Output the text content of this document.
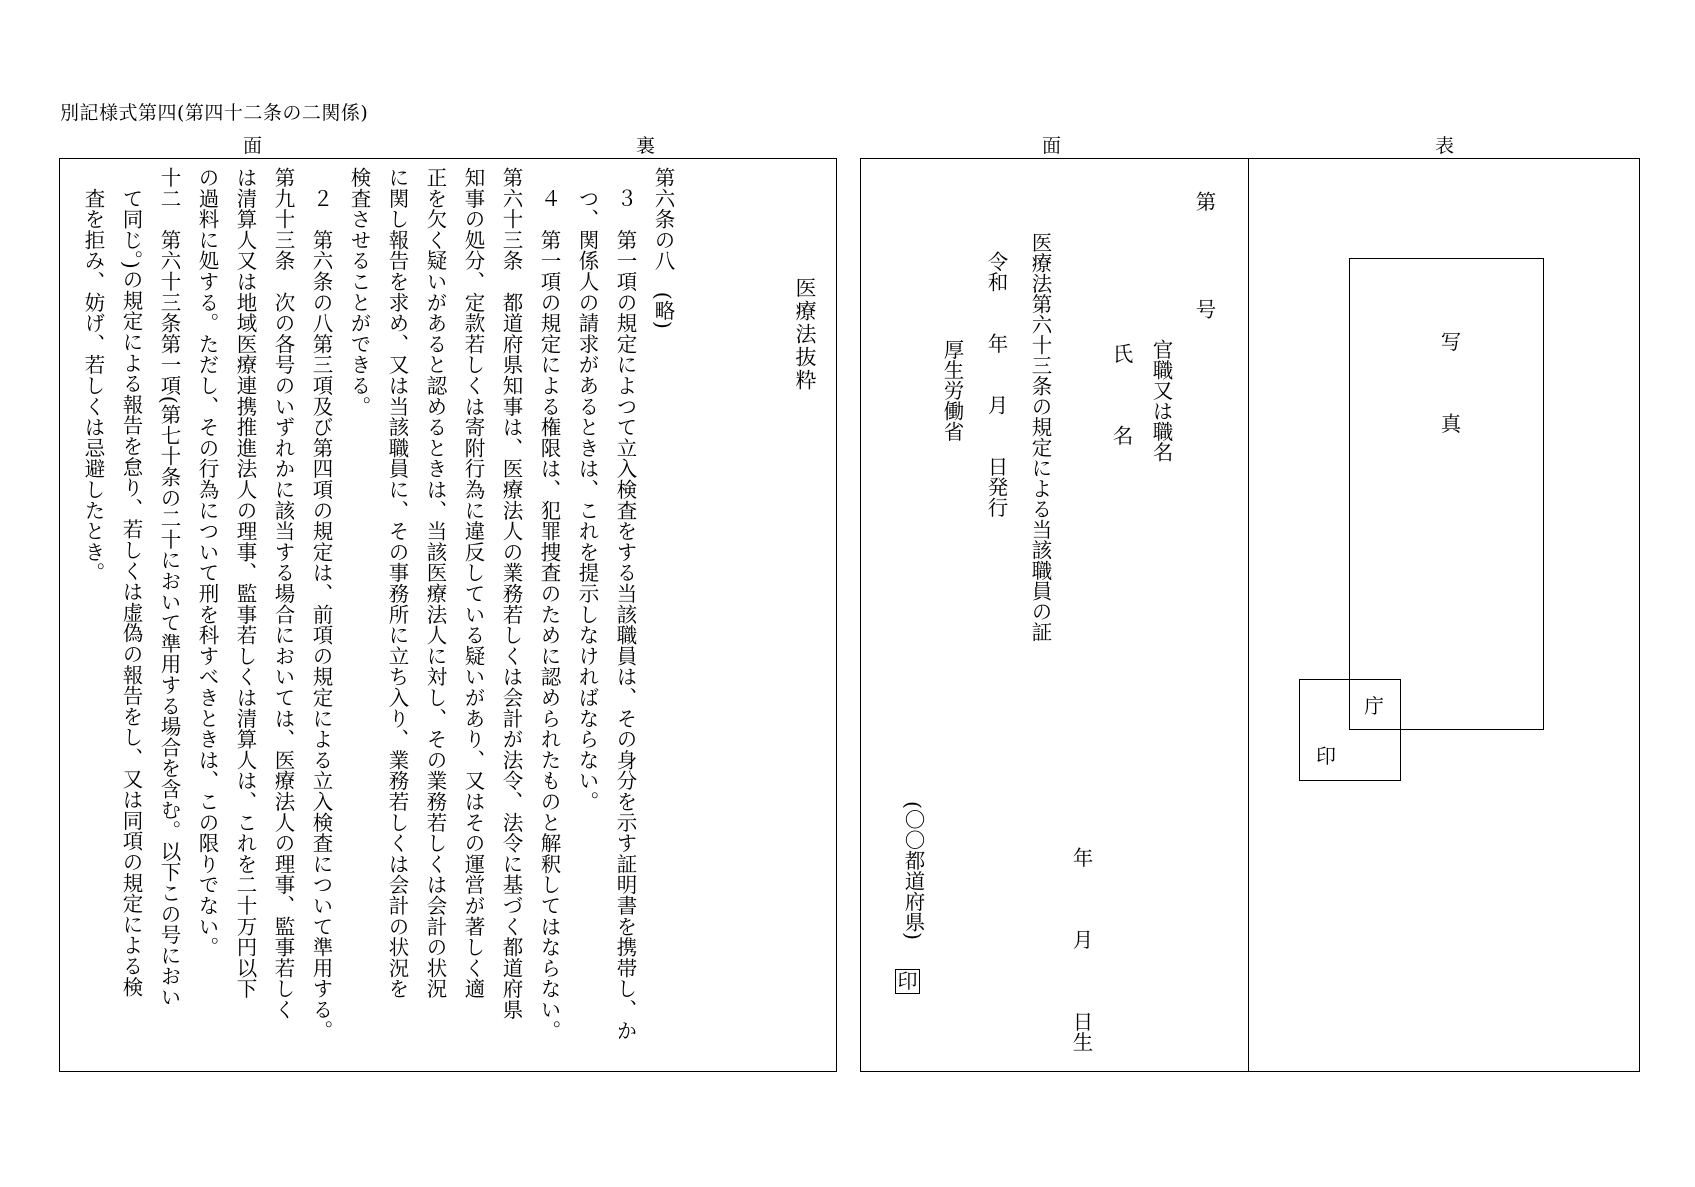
別記様式第四(第四十二条の二関係)
面	裏	面	表
医療法抜粋
第六条の八　(略)
　３　第一項の規定によつて立入検査をする当該職員は、その身分を示す証明書を携帯し、か
　つ、関係人の請求があるときは、これを提示しなければならない。
　４　第一項の規定による権限は、犯罪捜査のために認められたものと解釈してはならない。
第六十三条　都道府県知事は、医療法人の業務若しくは会計が法令、法令に基づく都道府県
知事の処分、定款若しくは寄附行為に違反している疑いがあり、又はその運営が著しく適
正を欠く疑いがあると認めるときは、当該医療法人に対し、その業務若しくは会計の状況
に関し報告を求め、又は当該職員に、その事務所に立ち入り、業務若しくは会計の状況を
検査させることができる。
　２　第六条の八第三項及び第四項の規定は、前項の規定による立入検査について準用する。
第九十三条　次の各号のいずれかに該当する場合においては、医療法人の理事、監事若しく
は清算人又は地域医療連携推進法人の理事、監事若しくは清算人は、これを二十万円以下
の過料に処する。ただし、その行為について刑を科すべきときは、この限りでない。
十二　第六十三条第一項(第七十条の二十において準用する場合を含む。以下この号におい
　て同じ。)の規定による報告を怠り、若しくは虚偽の報告をし、又は同項の規定による検
　査を拒み、妨げ、若しくは忌避したとき。	第　　　　号
官職又は職名
氏　　　名
年　　　月　　　日生
医療法第六十三条の規定による当該職員の証
令和　　年　　月　　日発行
厚生労働省
(〇〇都道府県)
印
写　　　真
庁
印
